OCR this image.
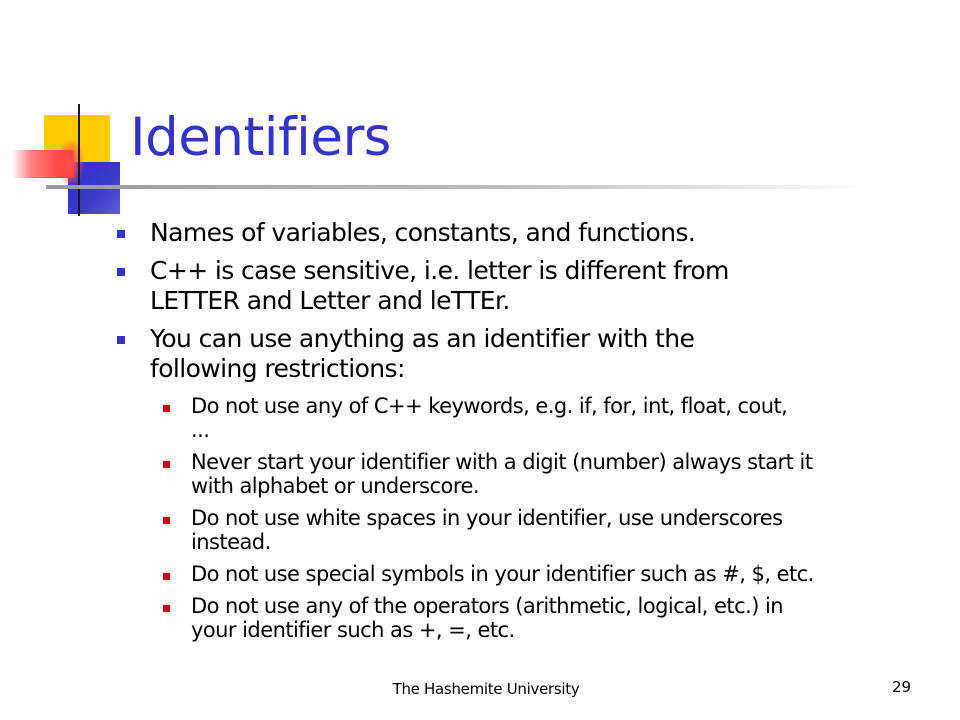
Identifiers
Names of variables, constants, and functions.
C++ is case sensitive, i.e. letter is different from
LETTER and Letter and leTTEr.
You can use anything as an identifier with the
following restrictions:
Do not use any of C++ keywords, e.g. if, for, int, float, cout,
...
Never start your identifier with a digit (number) always start it
with alphabet or underscore.
Do not use white spaces in your identifier, use underscores
instead.
Do not use special symbols in your identifier such as #, $, etc.
Do not use any of the operators (arithmetic, logical, etc.) in
your identifier such as +, =, etc.
The Hashemite University	29
